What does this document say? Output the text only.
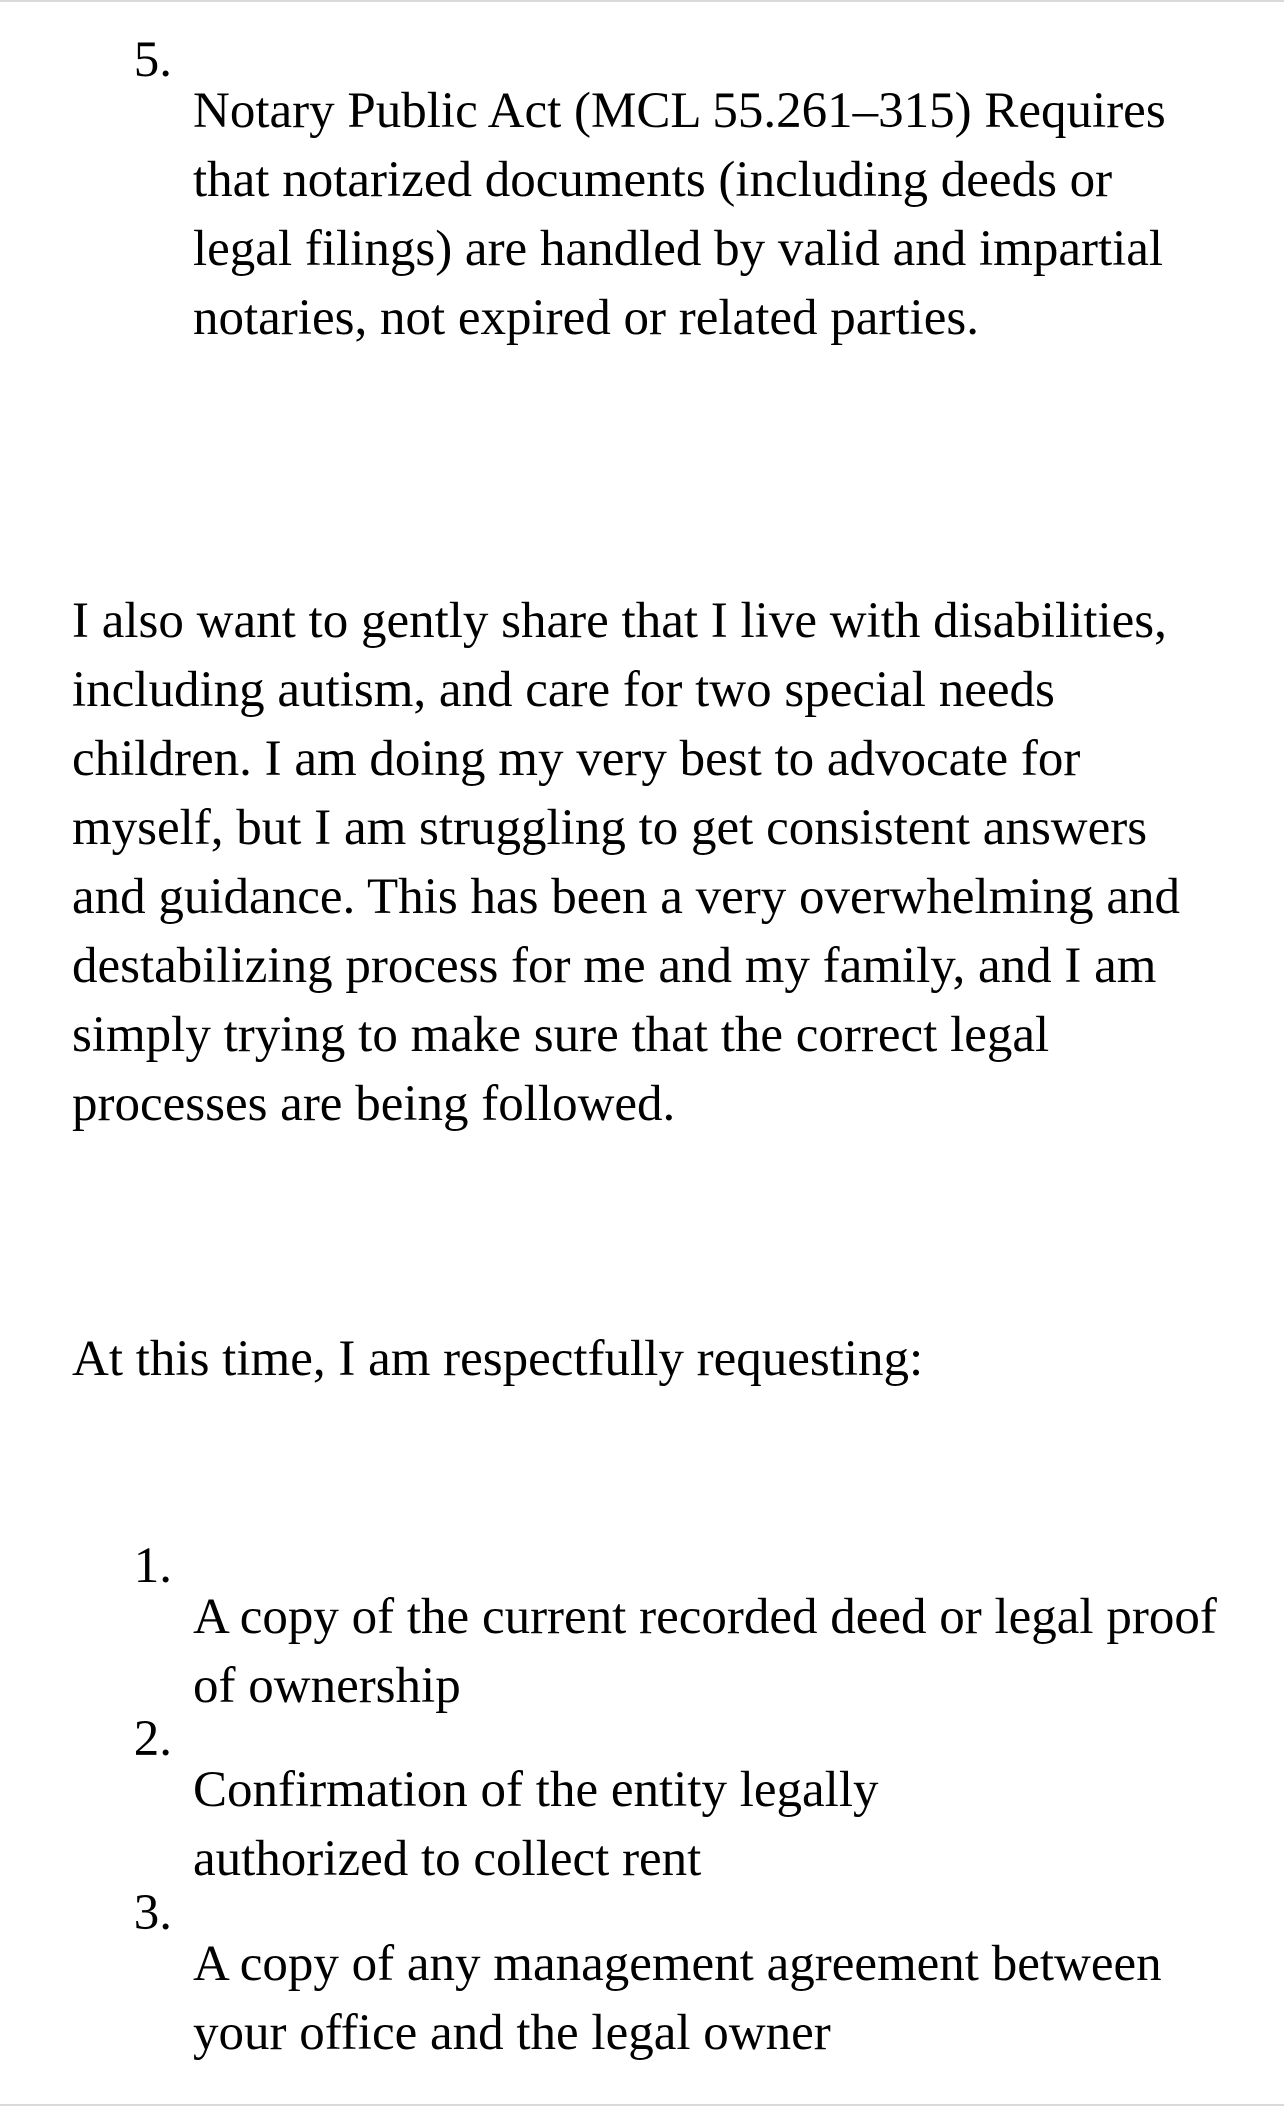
5.

Notary Public Act (MCL 55.261–315) Requires that notarized documents (including deeds or legal filings) are handled by valid and impartial notaries, not expired or related parties.

I also want to gently share that I live with disabilities, including autism, and care for two special needs children. I am doing my very best to advocate for myself, but I am struggling to get consistent answers and guidance. This has been a very overwhelming and destabilizing process for me and my family, and I am simply trying to make sure that the correct legal processes are being followed.

At this time, I am respectfully requesting:

1.

A copy of the current recorded deed or legal proof of ownership

2.

Confirmation of the entity legally authorized to collect rent

3.

A copy of any management agreement between your office and the legal owner
